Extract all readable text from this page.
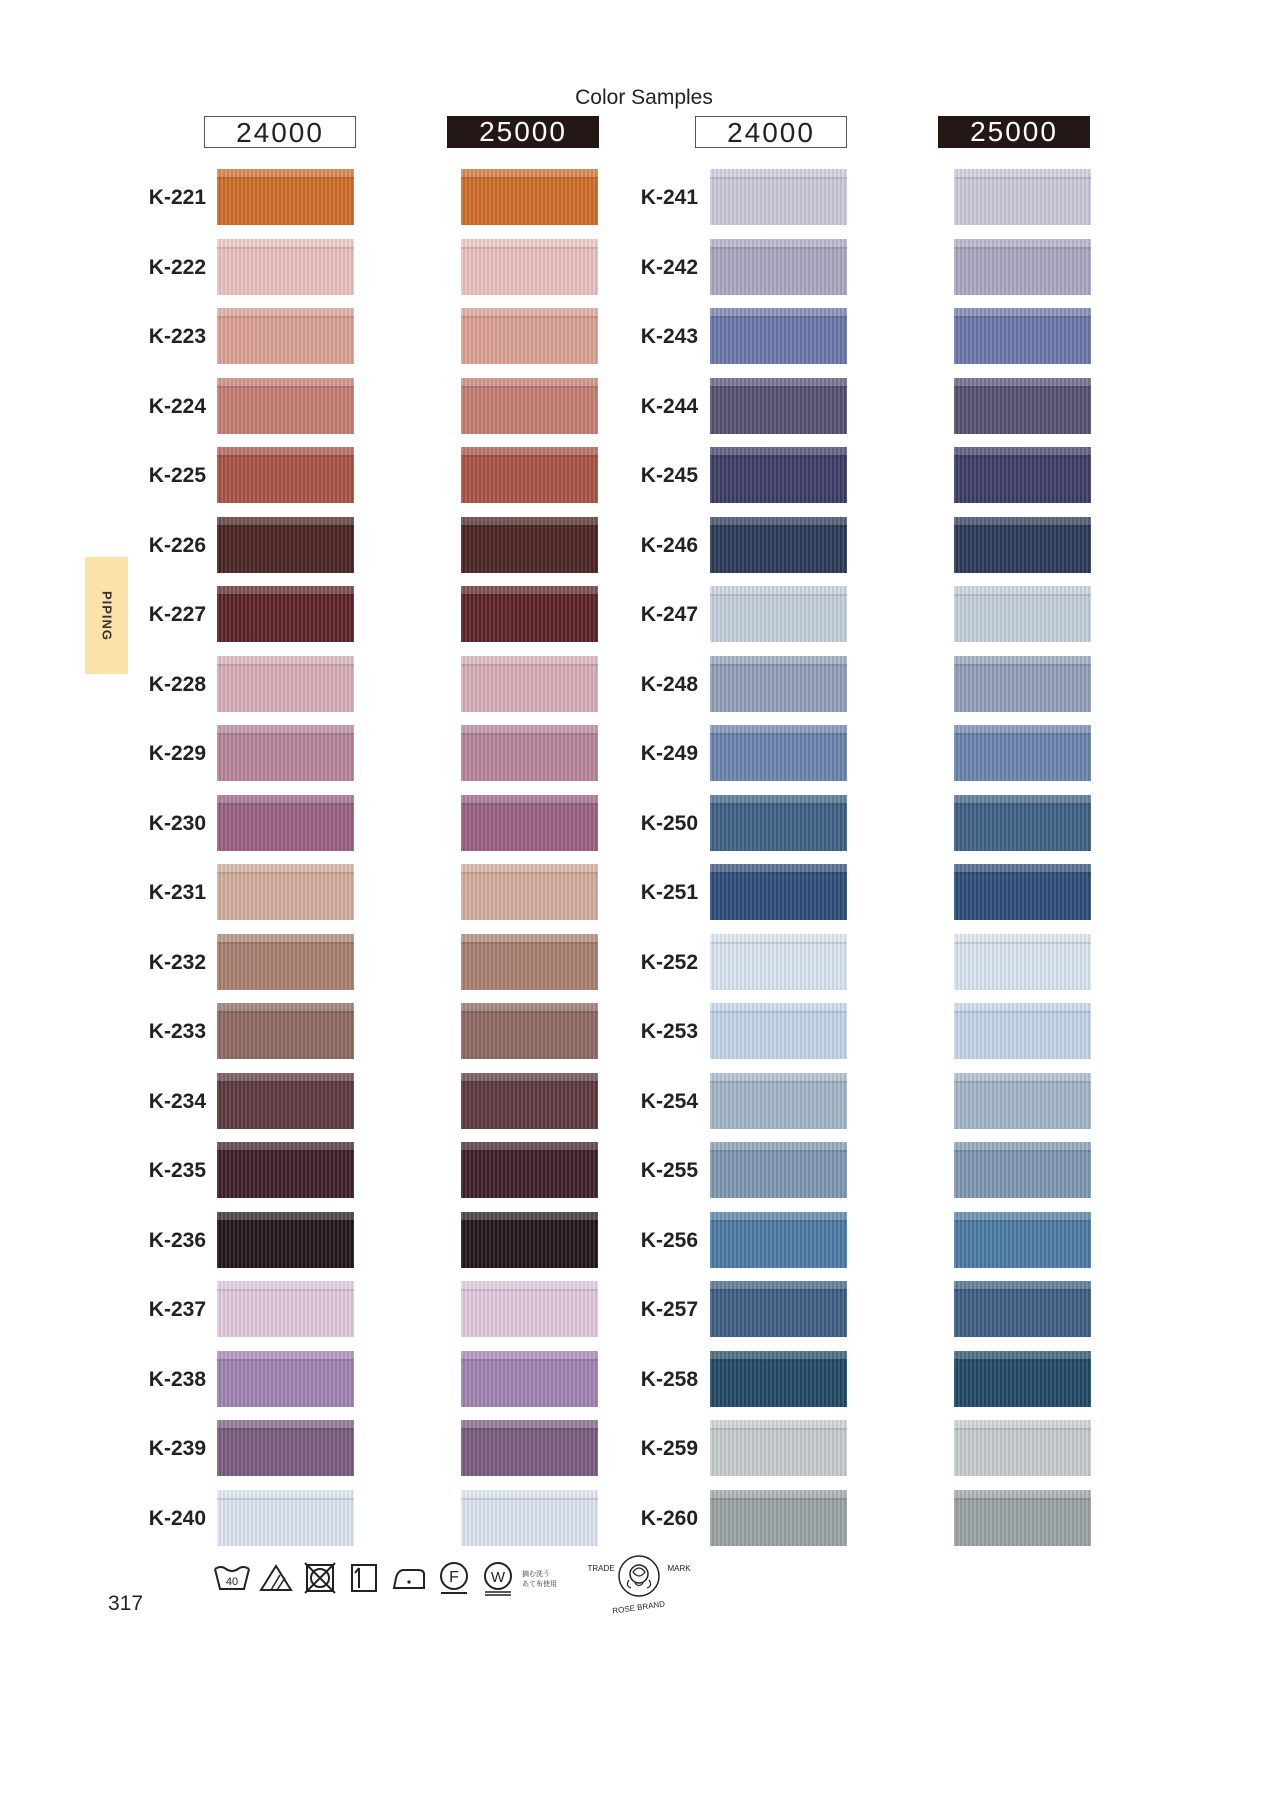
Color Samples
24000	25000	24000	25000
PIPING
K-221
K-222
K-223
K-224
K-225
K-226
K-227
K-228
K-229
K-230
K-231
K-232
K-233
K-234
K-235
K-236
K-237
K-238
K-239
K-240
K-241
K-242
K-243
K-244
K-245
K-246
K-247
K-248
K-249
K-250
K-251
K-252
K-253
K-254
K-255
K-256
K-257
K-258
K-259
K-260
317
40	F W 摘む洗う
あて布使用
TRADE	MARK
ROSE BRAND
